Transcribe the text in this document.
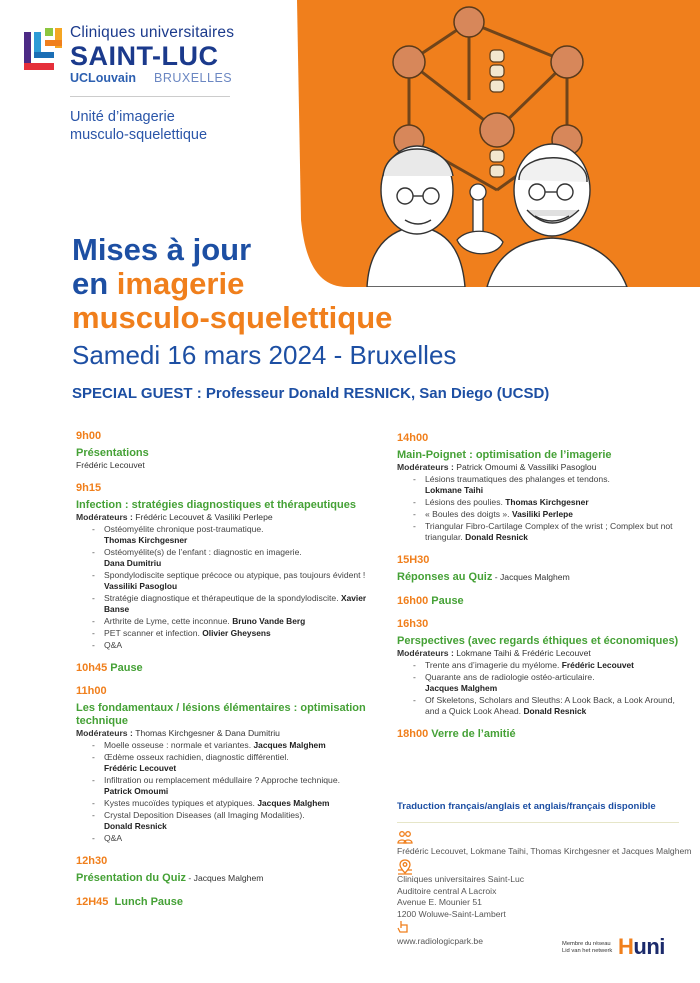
Cliniques universitaires
SAINT-LUC
UCLouvain BRUXELLES
Unité d’imagerie
musculo-squelettique
Mises à jour
en imagerie
musculo-squelettique
Samedi 16 mars 2024 - Bruxelles
SPECIAL GUEST : Professeur Donald RESNICK, San Diego (UCSD)
9h00
Présentations
Frédéric Lecouvet
9h15
Infection : stratégies diagnostiques et thérapeutiques
Modérateurs : Frédéric Lecouvet & Vasiliki Perlepe
- Ostéomyélite chronique post-traumatique.
Thomas Kirchgesner
- Ostéomyélite(s) de l’enfant : diagnostic en imagerie.
Dana Dumitriu
- Spondylodiscite septique précoce ou atypique, pas toujours évident ! Vassiliki Pasoglou
- Stratégie diagnostique et thérapeutique de la spondylodiscite. Xavier Banse
- Arthrite de Lyme, cette inconnue. Bruno Vande Berg
- PET scanner et infection. Olivier Gheysens
- Q&A
10h45 Pause
11h00
Les fondamentaux / lésions élémentaires : optimisation technique
Modérateurs : Thomas Kirchgesner & Dana Dumitriu
- Moelle osseuse : normale et variantes. Jacques Malghem
- Œdème osseux rachidien, diagnostic différentiel.
Frédéric Lecouvet
- Infiltration ou remplacement médullaire ? Approche technique. Patrick Omoumi
- Kystes mucoïdes typiques et atypiques. Jacques Malghem
- Crystal Deposition Diseases (all Imaging Modalities).
Donald Resnick
- Q&A
12h30
Présentation du Quiz - Jacques Malghem
12H45 Lunch Pause
14h00
Main-Poignet : optimisation de l’imagerie
Modérateurs : Patrick Omoumi & Vassiliki Pasoglou
- Lésions traumatiques des phalanges et tendons.
Lokmane Taihi
- Lésions des poulies. Thomas Kirchgesner
- « Boules des doigts ». Vasiliki Perlepe
- Triangular Fibro-Cartilage Complex of the wrist ; Complex but not triangular. Donald Resnick
15H30
Réponses au Quiz - Jacques Malghem
16h00 Pause
16h30
Perspectives (avec regards éthiques et économiques)
Modérateurs : Lokmane Taihi & Frédéric Lecouvet
- Trente ans d’imagerie du myélome. Frédéric Lecouvet
- Quarante ans de radiologie ostéo-articulaire.
Jacques Malghem
- Of Skeletons, Scholars and Sleuths: A Look Back, a Look Around, and a Quick Look Ahead. Donald Resnick
18h00 Verre de l’amitié
Traduction français/anglais et anglais/français disponible
Frédéric Lecouvet, Lokmane Taihi, Thomas Kirchgesner et Jacques Malghem
Cliniques universitaires Saint-Luc
Auditoire central A Lacroix
Avenue E. Mounier 51
1200 Woluwe-Saint-Lambert
www.radiologicpark.be	Membre du réseau
Lid van het netwerk Huni
